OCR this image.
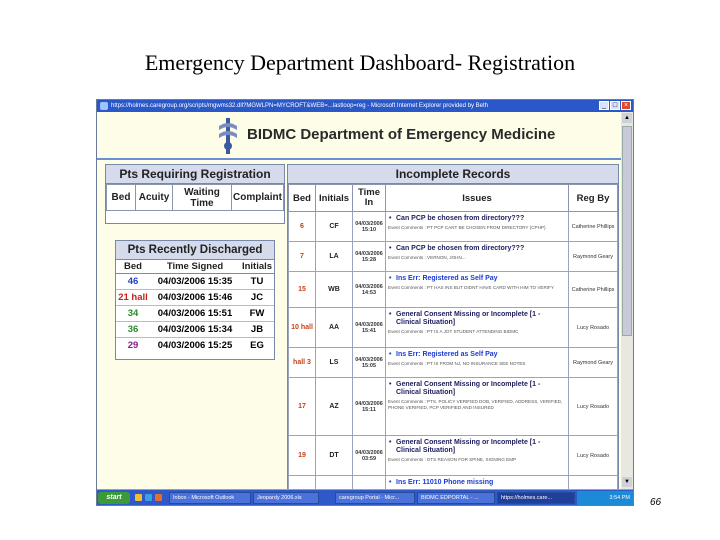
Emergency Department Dashboard- Registration
https://holmes.caregroup.org/scripts/mgwms32.dll?MGWLPN=MYCROFT&WEB=...lastloop=reg - Microsoft Internet Explorer provided by Beth	_ □ ×
BIDMC Department of Emergency Medicine
Pts Requiring Registration
Bed	Acuity	Waiting Time	Complaint
Pts Recently Discharged
Bed	Time Signed	Initials
46	04/03/2006 15:35	TU
21 hall	04/03/2006 15:46	JC
34	04/03/2006 15:51	FW
36	04/03/2006 15:34	JB
29	04/03/2006 15:25	EG
Incomplete Records
Bed	Initials	Time In	Issues	Reg By
6	CF	04/03/2006 15:10	• Can PCP be chosen from directory???
Event Comments : PT PCP CANT BE CHOSEN FROM DIRECTORY (CPHP)	Catherine Phillips
7	LA	04/03/2006 15:28	• Can PCP be chosen from directory???
Event Comments : VERNON, JOHN...	Raymond Geary
15	WB	04/03/2006 14:53	• Ins Err: Registered as Self Pay
Event Comments : PT HAS INS BUT DIDNT HAVE CARD WITH HIM TO VERIFY	Catherine Phillips
10 hall	AA	04/03/2006 15:41	• General Consent Missing or Incomplete [1 - Clinical Situation]
Event Comments : PT IS A JOT STUDENT ATTENDING BIDMC	Lucy Rosado
hall 3	LS	04/03/2006 15:05	• Ins Err: Registered as Self Pay
Event Comments : PT IS FROM NJ, NO INSURANCE SEE NOTES	Raymond Geary
17	AZ	04/03/2006 15:11	• General Consent Missing or Incomplete [1 - Clinical Situation]
Event Comments : PTS. POLICY VERIFIED DOB, VERIFIED, ADDRESS, VERIFIED, PHONE VERIFIED, PCP VERIFIED AND INSURED	Lucy Rosado
19	DT	04/03/2006 03:59	• General Consent Missing or Incomplete [1 - Clinical Situation]
Event Comments : DTS REASON FOR SPINE, SIGNING EMP	Lucy Rosado

			• Ins Err: 11010 Phone missing

▲
▼
start	Inbox - Microsoft Outlook	Jeopardy 2006.xls	caregroup Portal - Micr...	BIDMC EDPORTAL - ...	https://holmes.care...	3:54 PM	66
